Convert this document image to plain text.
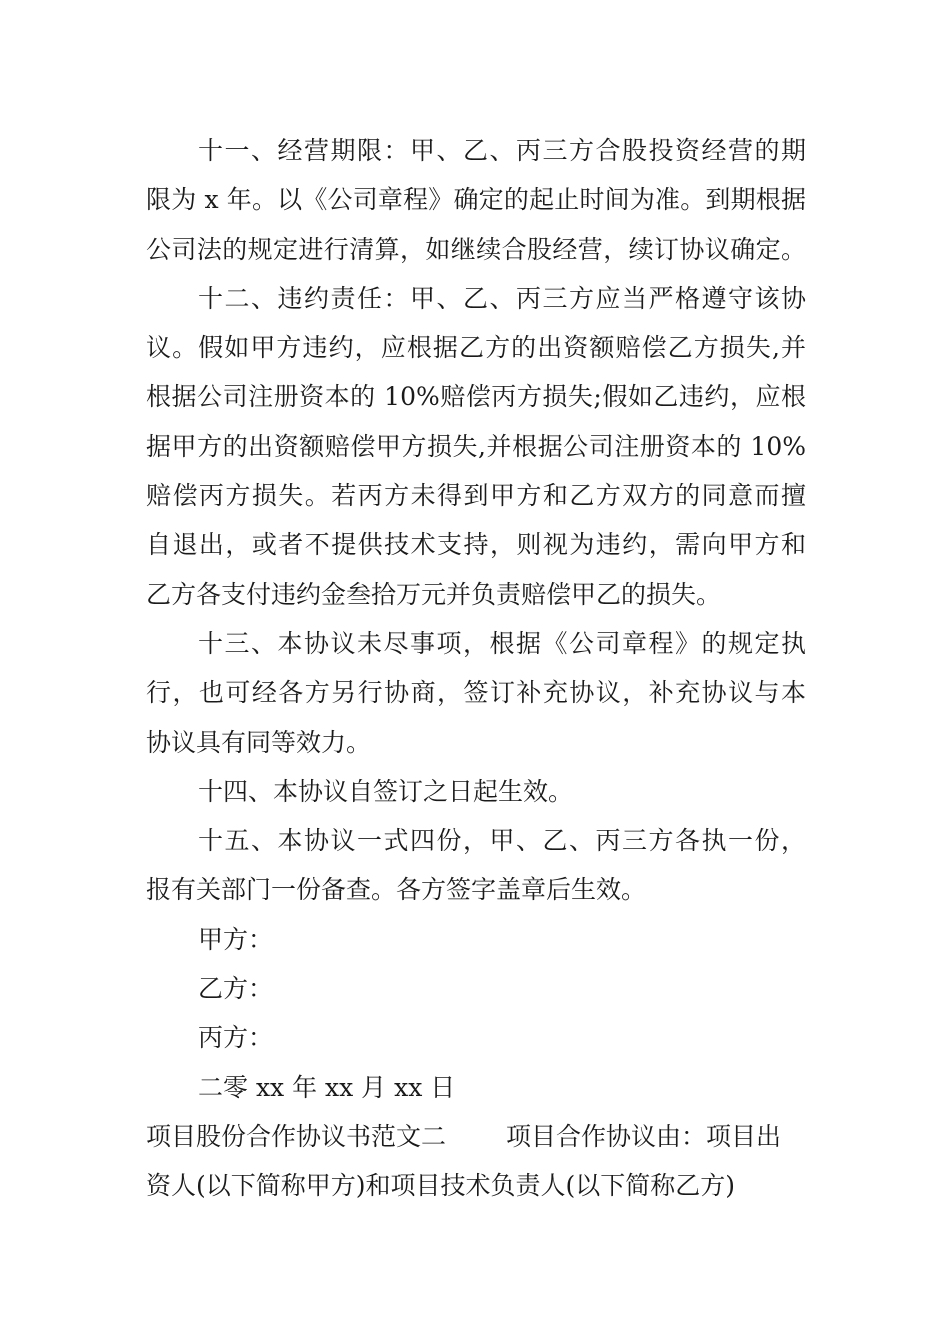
十一、经营期限：甲、乙、丙三方合股投资经营的期
限为 x 年。以《公司章程》确定的起止时间为准。到期根据
公司法的规定进行清算，如继续合股经营，续订协议确定。
十二、违约责任：甲、乙、丙三方应当严格遵守该协
议。假如甲方违约，应根据乙方的出资额赔偿乙方损失,并
根据公司注册资本的 10%赔偿丙方损失;假如乙违约，应根
据甲方的出资额赔偿甲方损失,并根据公司注册资本的 10%
赔偿丙方损失。若丙方未得到甲方和乙方双方的同意而擅
自退出，或者不提供技术支持，则视为违约，需向甲方和
乙方各支付违约金叁拾万元并负责赔偿甲乙的损失。
十三、本协议未尽事项，根据《公司章程》的规定执
行，也可经各方另行协商，签订补充协议，补充协议与本
协议具有同等效力。
十四、本协议自签订之日起生效。
十五、本协议一式四份，甲、乙、丙三方各执一份，
报有关部门一份备查。各方签字盖章后生效。
甲方：
乙方：
丙方：
二零 xx 年 xx 月 xx 日
项目股份合作协议书范文二 项目合作协议由：项目出
资人(以下简称甲方)和项目技术负责人(以下简称乙方)
